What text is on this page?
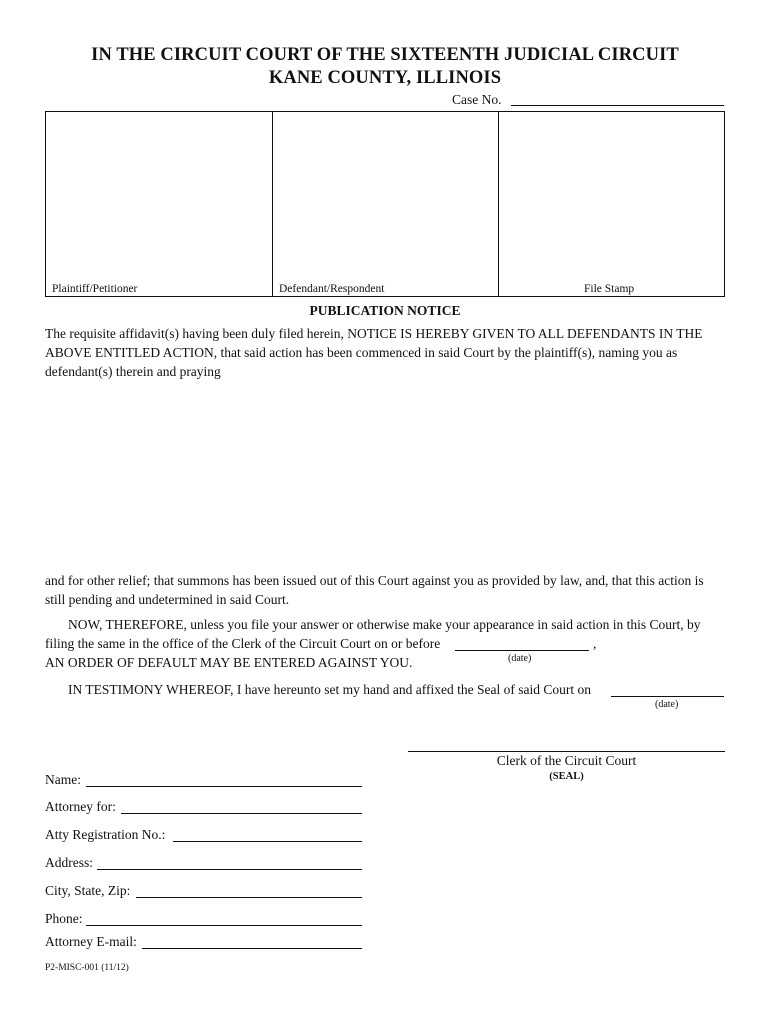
IN THE CIRCUIT COURT OF THE SIXTEENTH JUDICIAL CIRCUIT
KANE COUNTY, ILLINOIS
Case No.
Plaintiff/Petitioner	Defendant/Respondent	File Stamp
PUBLICATION NOTICE
The requisite affidavit(s) having been duly filed herein, NOTICE IS HEREBY GIVEN TO ALL DEFENDANTS IN THE ABOVE ENTITLED ACTION, that said action has been commenced in said Court by the plaintiff(s), naming you as defendant(s) therein and praying
and for other relief; that summons has been issued out of this Court against you as provided by law, and, that this action is still pending and undetermined in said Court.
NOW, THEREFORE, unless you file your answer or otherwise make your appearance in said action in this Court, by
filing the same in the office of the Clerk of the Circuit Court on or before	,
(date)
AN ORDER OF DEFAULT MAY BE ENTERED AGAINST YOU.
IN TESTIMONY WHEREOF, I have hereunto set my hand and affixed the Seal of said Court on
(date)
Clerk of the Circuit Court
(SEAL)
Name:
Attorney for:
Atty Registration No.:
Address:
City, State, Zip:
Phone:
Attorney E-mail:
P2-MISC-001 (11/12)
